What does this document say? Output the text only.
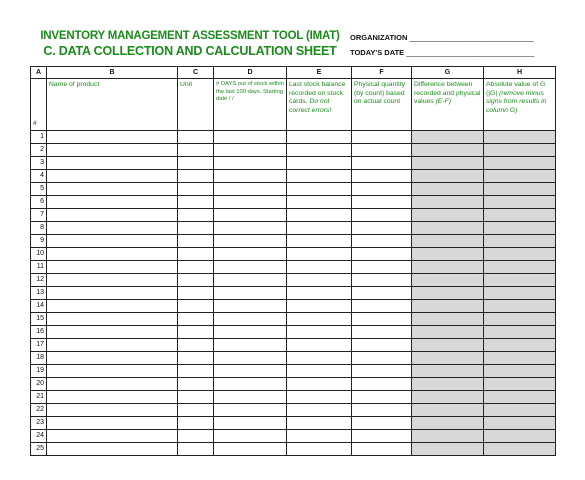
INVENTORY MANAGEMENT ASSESSMENT TOOL (IMAT)
C. DATA COLLECTION AND CALCULATION SHEET
ORGANIZATION ________________________________
TODAY'S DATE _________________________________
A	B	C	D	E	F	G	H
#	Name of product	Unit	# DAYS out of stock within the last 100 days. Starting date / /	Last stock balance recorded on stock cards. Do not correct errors!	Physical quantity (by count) based on actual count	Difference between recorded and physical values (E-F)	Absolute value of G (|G| (remove minus signs from results in column G)
1							
2							
3							
4							
5							
6							
7							
8							
9							
10							
11							
12							
13							
14							
15							
16							
17							
18							
19							
20							
21							
22							
23							
24							
25							
